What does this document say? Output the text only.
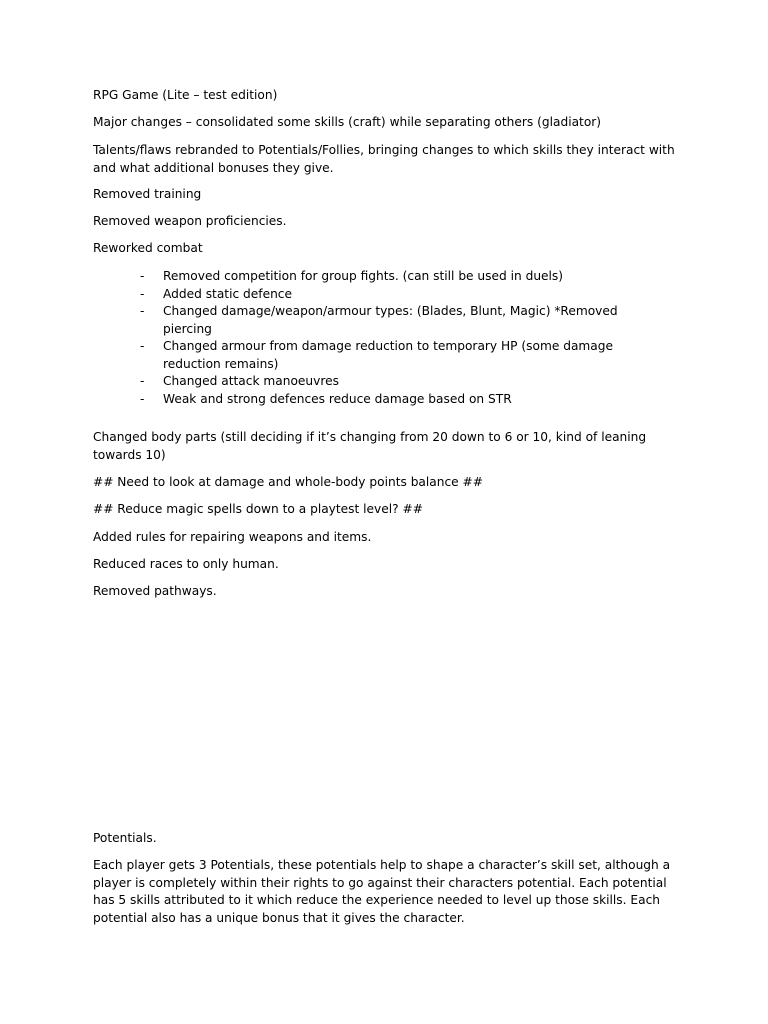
RPG Game (Lite – test edition)

Major changes – consolidated some skills (craft) while separating others (gladiator)

Talents/flaws rebranded to Potentials/Follies, bringing changes to which skills they interact with and what additional bonuses they give.

Removed training

Removed weapon proficiencies.

Reworked combat

- Removed competition for group fights. (can still be used in duels)
- Added static defence
- Changed damage/weapon/armour types: (Blades, Blunt, Magic) *Removed piercing
- Changed armour from damage reduction to temporary HP (some damage reduction remains)
- Changed attack manoeuvres
- Weak and strong defences reduce damage based on STR

Changed body parts (still deciding if it’s changing from 20 down to 6 or 10, kind of leaning towards 10)

## Need to look at damage and whole-body points balance ##

## Reduce magic spells down to a playtest level? ##

Added rules for repairing weapons and items.

Reduced races to only human.

Removed pathways.

Potentials.

Each player gets 3 Potentials, these potentials help to shape a character’s skill set, although a player is completely within their rights to go against their characters potential. Each potential has 5 skills attributed to it which reduce the experience needed to level up those skills. Each potential also has a unique bonus that it gives the character.
